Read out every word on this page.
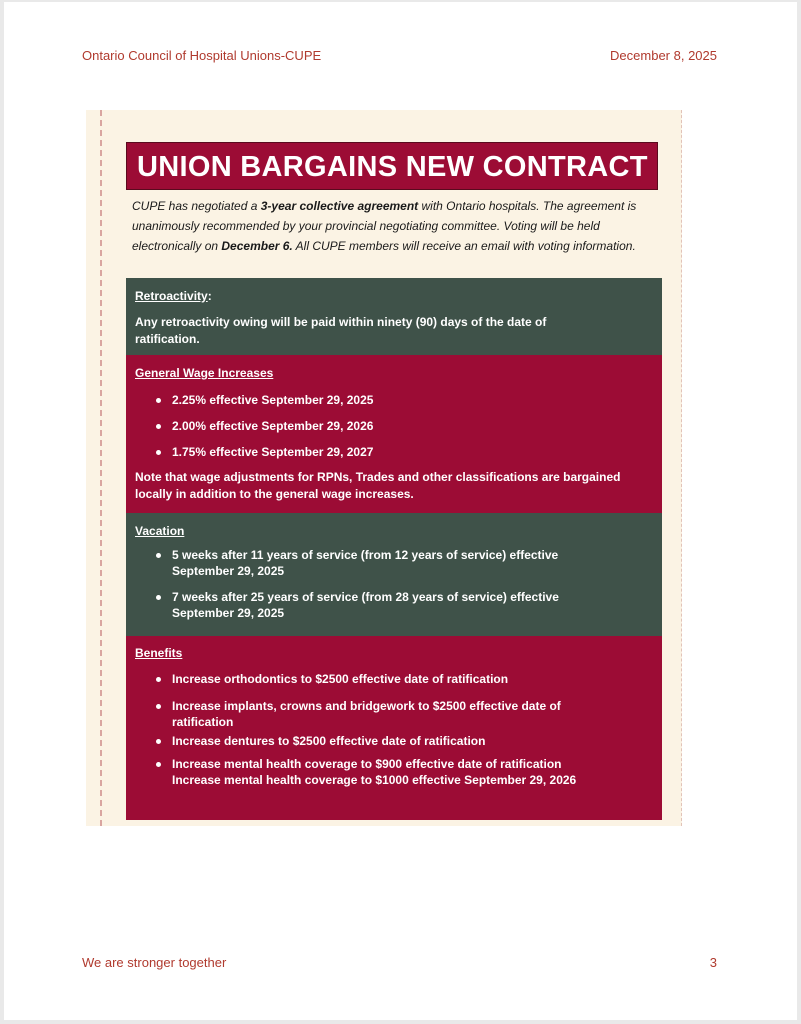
Ontario Council of Hospital Unions-CUPE	December 8, 2025
UNION BARGAINS NEW CONTRACT
CUPE has negotiated a 3-year collective agreement with Ontario hospitals. The agreement is unanimously recommended by your provincial negotiating committee. Voting will be held electronically on December 6. All CUPE members will receive an email with voting information.
Retroactivity:

Any retroactivity owing will be paid within ninety (90) days of the date of ratification.

General Wage Increases
2.25% effective September 29, 2025
2.00% effective September 29, 2026
1.75% effective September 29, 2027

Note that wage adjustments for RPNs, Trades and other classifications are bargained locally in addition to the general wage increases.

Vacation
5 weeks after 11 years of service (from 12 years of service) effective September 29, 2025
7 weeks after 25 years of service (from 28 years of service) effective September 29, 2025
Benefits
Increase orthodontics to $2500 effective date of ratification
Increase implants, crowns and bridgework to $2500 effective date of ratification
Increase dentures to $2500 effective date of ratification
Increase mental health coverage to $900 effective date of ratification Increase mental health coverage to $1000 effective September 29, 2026
We are stronger together	3
